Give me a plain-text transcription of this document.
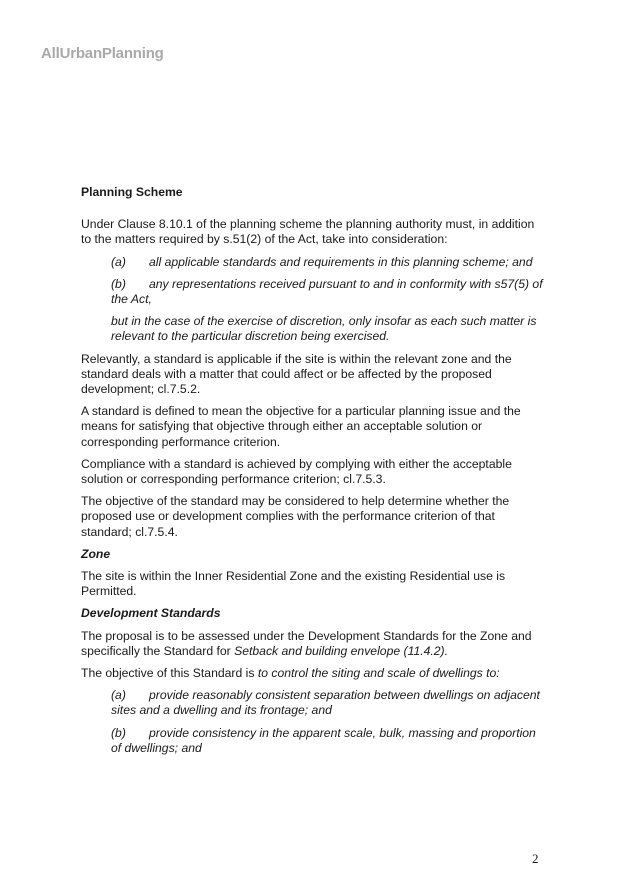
AllUrbanPlanning

Planning Scheme

Under Clause 8.10.1 of the planning scheme the planning authority must, in addition to the matters required by s.51(2) of the Act, take into consideration:

(a) all applicable standards and requirements in this planning scheme; and

(b) any representations received pursuant to and in conformity with s57(5) of the Act,

but in the case of the exercise of discretion, only insofar as each such matter is relevant to the particular discretion being exercised.

Relevantly, a standard is applicable if the site is within the relevant zone and the standard deals with a matter that could affect or be affected by the proposed development; cl.7.5.2.

A standard is defined to mean the objective for a particular planning issue and the means for satisfying that objective through either an acceptable solution or corresponding performance criterion.

Compliance with a standard is achieved by complying with either the acceptable solution or corresponding performance criterion; cl.7.5.3.

The objective of the standard may be considered to help determine whether the proposed use or development complies with the performance criterion of that standard; cl.7.5.4.

Zone

The site is within the Inner Residential Zone and the existing Residential use is Permitted.

Development Standards

The proposal is to be assessed under the Development Standards for the Zone and specifically the Standard for Setback and building envelope (11.4.2).

The objective of this Standard is to control the siting and scale of dwellings to:

(a) provide reasonably consistent separation between dwellings on adjacent sites and a dwelling and its frontage; and

(b) provide consistency in the apparent scale, bulk, massing and proportion of dwellings; and

2
